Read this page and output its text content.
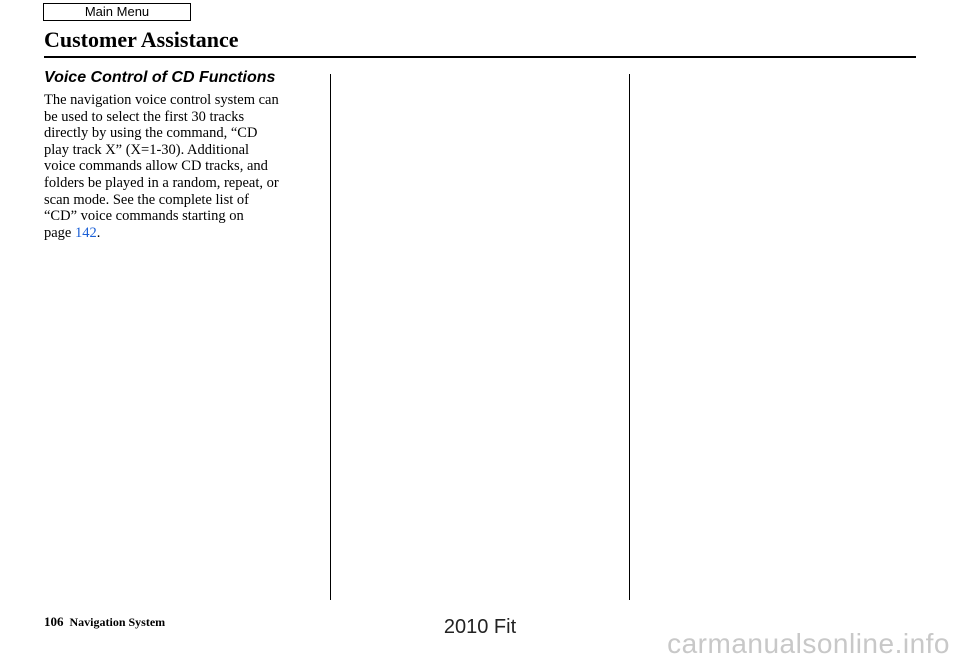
Main Menu
Customer Assistance
Voice Control of CD Functions

The navigation voice control system can
be used to select the first 30 tracks
directly by using the command, “CD
play track X” (X=1-30). Additional
voice commands allow CD tracks, and
folders be played in a random, repeat, or
scan mode. See the complete list of
“CD” voice commands starting on
page 142.

106 Navigation System	2010 Fit
carmanualsonline.info
